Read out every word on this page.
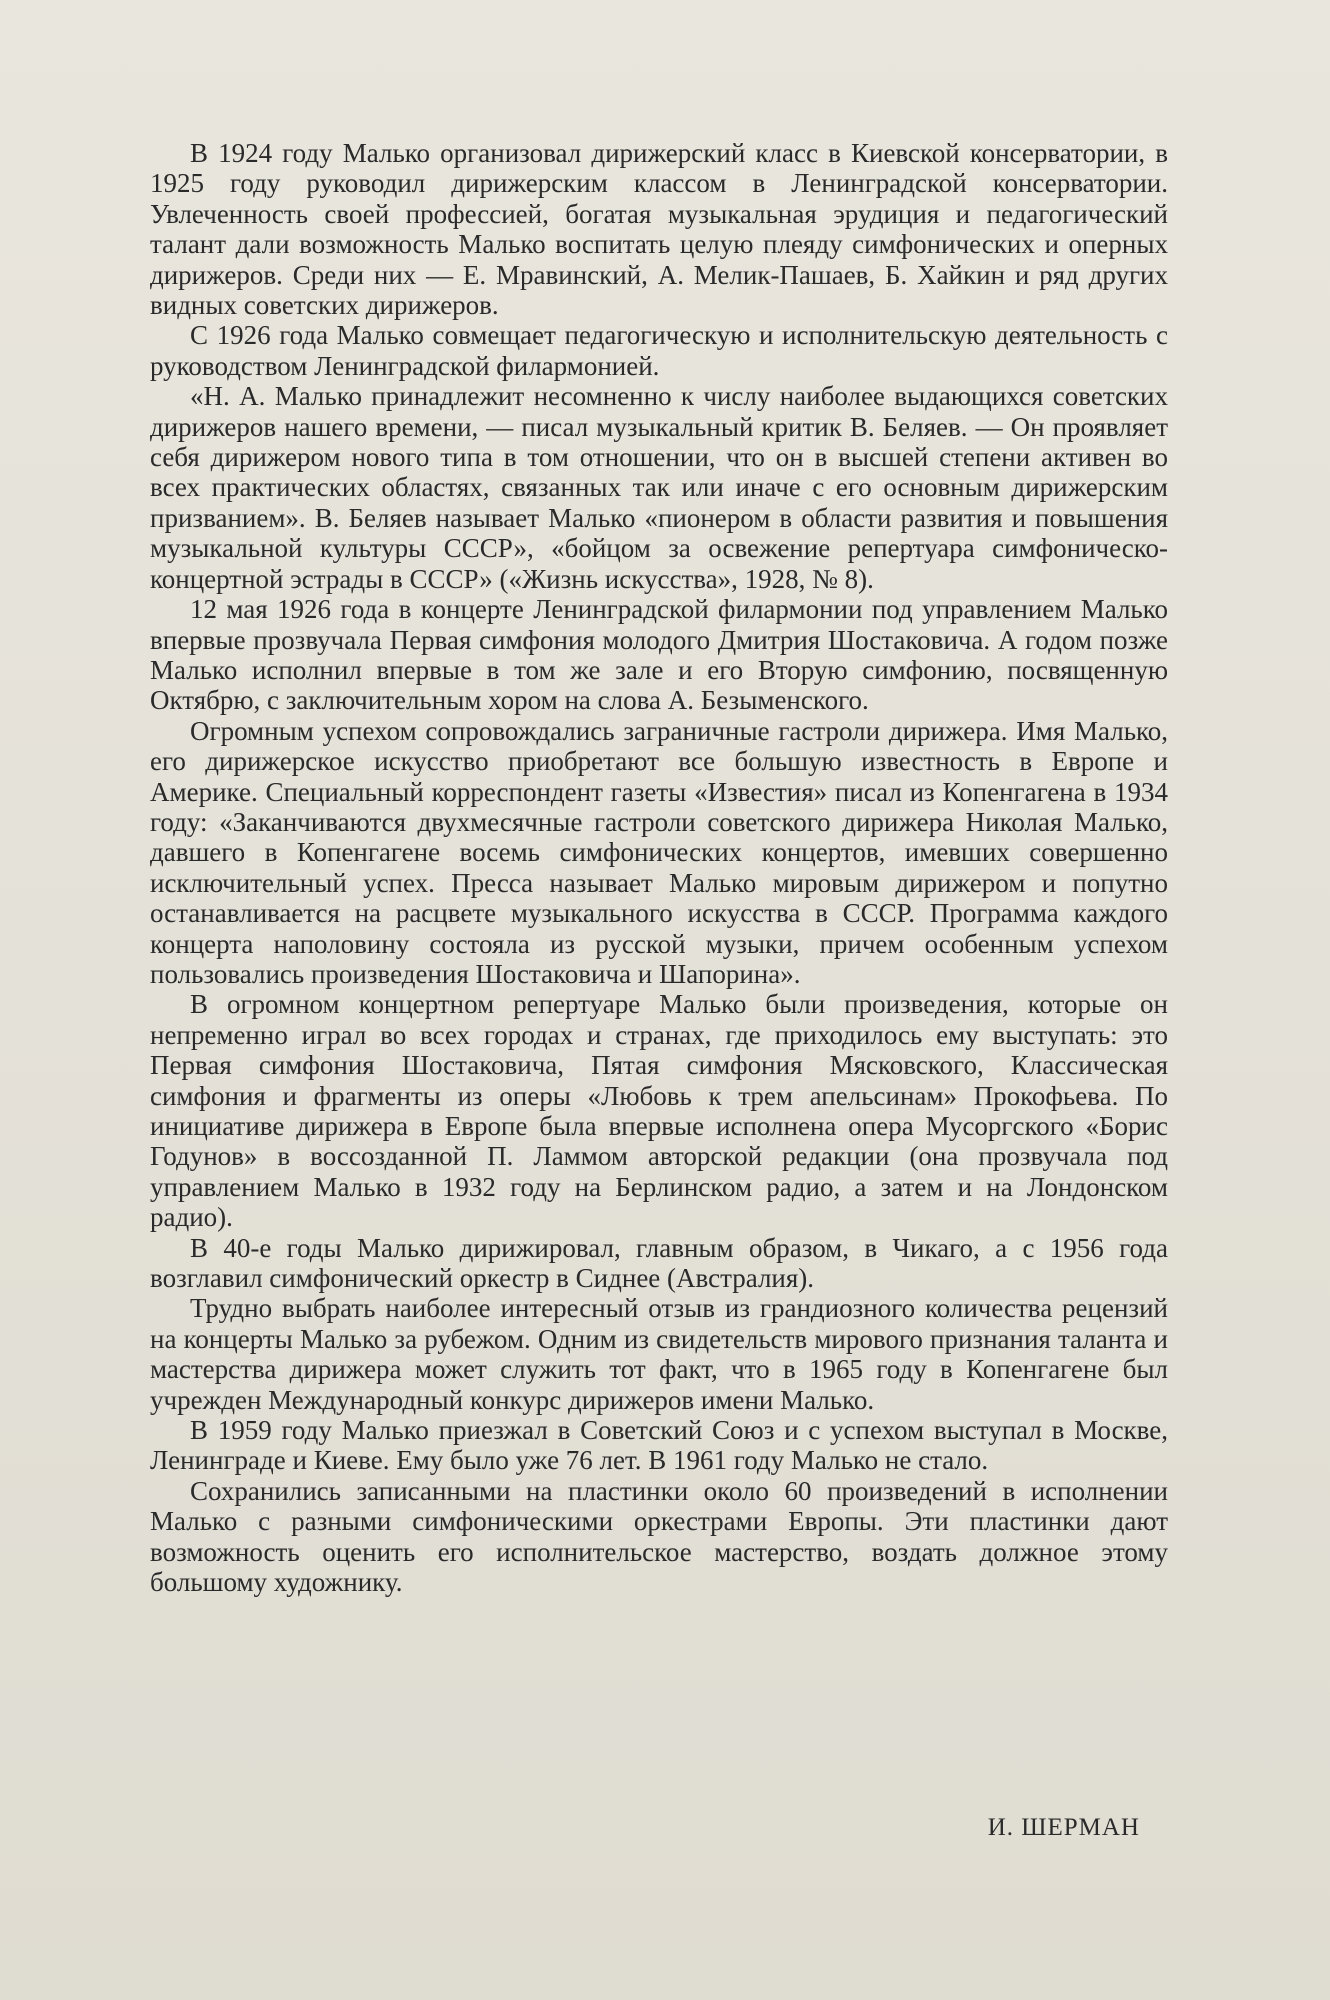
В 1924 году Малько организовал дирижерский класс в Киевской консерватории, в 1925 году руководил дирижерским классом в Ленинградской консерватории. Увлеченность своей профессией, богатая музыкальная эрудиция и педагогический талант дали возможность Малько воспитать целую плеяду симфонических и оперных дирижеров. Среди них — Е. Мравинский, А. Мелик-Пашаев, Б. Хайкин и ряд других видных советских дирижеров.

С 1926 года Малько совмещает педагогическую и исполнительскую деятельность с руководством Ленинградской филармонией.

«Н. А. Малько принадлежит несомненно к числу наиболее выдающихся советских дирижеров нашего времени, — писал музыкальный критик В. Беляев. — Он проявляет себя дирижером нового типа в том отношении, что он в высшей степени активен во всех практических областях, связанных так или иначе с его основным дирижерским призванием». В. Беляев называет Малько «пионером в области развития и повышения музыкальной культуры СССР», «бойцом за освежение репертуара симфоническо-концертной эстрады в СССР» («Жизнь искусства», 1928, № 8).

12 мая 1926 года в концерте Ленинградской филармонии под управлением Малько впервые прозвучала Первая симфония молодого Дмитрия Шостаковича. А годом позже Малько исполнил впервые в том же зале и его Вторую симфонию, посвященную Октябрю, с заключительным хором на слова А. Безыменского.

Огромным успехом сопровождались заграничные гастроли дирижера. Имя Малько, его дирижерское искусство приобретают все большую известность в Европе и Америке. Специальный корреспондент газеты «Известия» писал из Копенгагена в 1934 году: «Заканчиваются двухмесячные гастроли советского дирижера Николая Малько, давшего в Копенгагене восемь симфонических концертов, имевших совершенно исключительный успех. Пресса называет Малько мировым дирижером и попутно останавливается на расцвете музыкального искусства в СССР. Программа каждого концерта наполовину состояла из русской музыки, причем особенным успехом пользовались произведения Шостаковича и Шапорина».

В огромном концертном репертуаре Малько были произведения, которые он непременно играл во всех городах и странах, где приходилось ему выступать: это Первая симфония Шостаковича, Пятая симфония Мясковского, Классическая симфония и фрагменты из оперы «Любовь к трем апельсинам» Прокофьева. По инициативе дирижера в Европе была впервые исполнена опера Мусоргского «Борис Годунов» в воссозданной П. Ламмом авторской редакции (она прозвучала под управлением Малько в 1932 году на Берлинском радио, а затем и на Лондонском радио).

В 40-е годы Малько дирижировал, главным образом, в Чикаго, а с 1956 года возглавил симфонический оркестр в Сиднее (Австралия).

Трудно выбрать наиболее интересный отзыв из грандиозного количества рецензий на концерты Малько за рубежом. Одним из свидетельств мирового признания таланта и мастерства дирижера может служить тот факт, что в 1965 году в Копенгагене был учрежден Международный конкурс дирижеров имени Малько.

В 1959 году Малько приезжал в Советский Союз и с успехом выступал в Москве, Ленинграде и Киеве. Ему было уже 76 лет. В 1961 году Малько не стало.

Сохранились записанными на пластинки около 60 произведений в исполнении Малько с разными симфоническими оркестрами Европы. Эти пластинки дают возможность оценить его исполнительское мастерство, воздать должное этому большому художнику.

И. ШЕРМАН
